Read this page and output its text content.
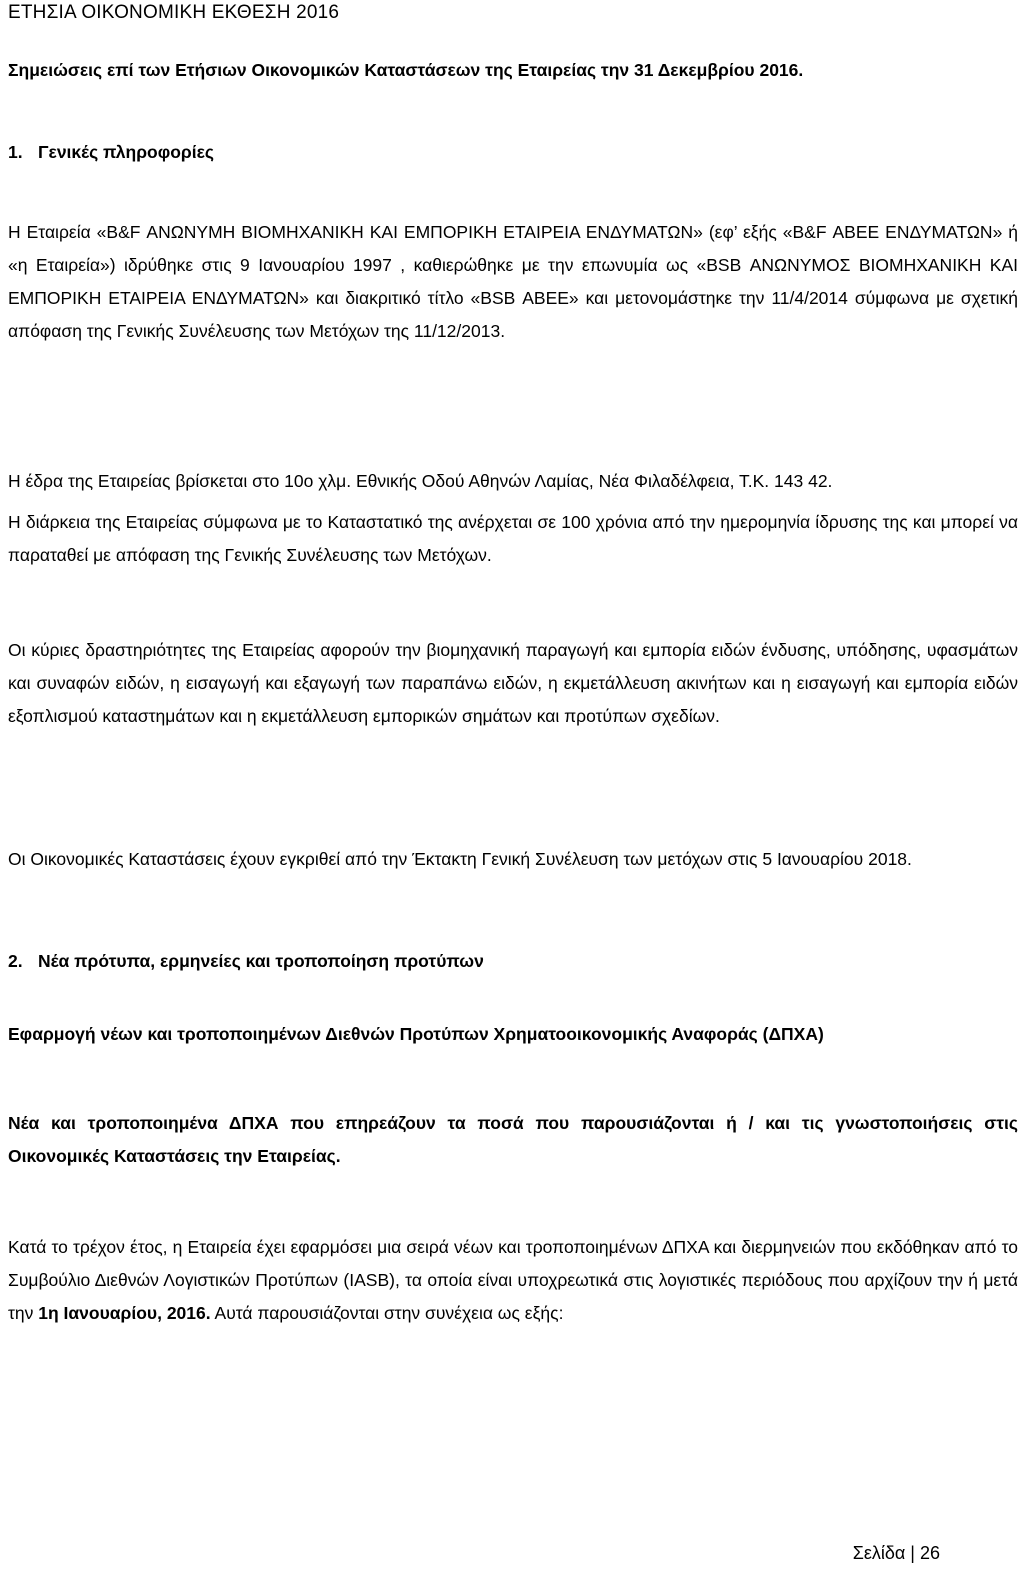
ΕΤΗΣΙΑ ΟΙΚΟΝΟΜΙΚΗ ΕΚΘΕΣΗ 2016
Σημειώσεις επί των Ετήσιων Οικονομικών Καταστάσεων της Εταιρείας την 31 Δεκεμβρίου 2016.
1. Γενικές πληροφορίες

Η Εταιρεία «B&F ΑΝΩΝΥΜΗ ΒΙΟΜΗΧΑΝΙΚΗ ΚΑΙ ΕΜΠΟΡΙΚΗ ΕΤΑΙΡΕΙΑ ΕΝΔΥΜΑΤΩΝ» (εφ’ εξής «B&F ΑΒΕΕ ΕΝΔΥΜΑΤΩΝ» ή «η Εταιρεία») ιδρύθηκε στις 9 Ιανουαρίου 1997 , καθιερώθηκε με την επωνυμία ως «BSB ΑΝΩΝΥΜΟΣ ΒΙΟΜΗΧΑΝΙΚΗ ΚΑΙ ΕΜΠΟΡΙΚΗ ΕΤΑΙΡΕΙΑ ΕΝΔΥΜΑΤΩΝ» και διακριτικό τίτλο «BSB ΑΒΕΕ» και μετονομάστηκε την 11/4/2014 σύμφωνα με σχετική απόφαση της Γενικής Συνέλευσης των Μετόχων της 11/12/2013.

Η έδρα της Εταιρείας βρίσκεται στο 10ο χλμ. Εθνικής Οδού Αθηνών Λαμίας, Νέα Φιλαδέλφεια, Τ.Κ. 143 42.

Η διάρκεια της Εταιρείας σύμφωνα με το Καταστατικό της ανέρχεται σε 100 χρόνια από την ημερομηνία ίδρυσης της και μπορεί να παραταθεί με απόφαση της Γενικής Συνέλευσης των Μετόχων.

Οι κύριες δραστηριότητες της Εταιρείας αφορούν την βιομηχανική παραγωγή και εμπορία ειδών ένδυσης, υπόδησης, υφασμάτων και συναφών ειδών, η εισαγωγή και εξαγωγή των παραπάνω ειδών, η εκμετάλλευση ακινήτων και η εισαγωγή και εμπορία ειδών εξοπλισμού καταστημάτων και η εκμετάλλευση εμπορικών σημάτων και προτύπων σχεδίων.

Οι Οικονομικές Καταστάσεις έχουν εγκριθεί από την Έκτακτη Γενική Συνέλευση των μετόχων στις 5 Ιανουαρίου 2018.

2. Νέα πρότυπα, ερμηνείες και τροποποίηση προτύπων

Εφαρμογή νέων και τροποποιημένων Διεθνών Προτύπων Χρηματοοικονομικής Αναφοράς (ΔΠΧΑ)

Νέα και τροποποιημένα ΔΠΧΑ που επηρεάζουν τα ποσά που παρουσιάζονται ή / και τις γνωστοποιήσεις στις Οικονομικές Καταστάσεις την Εταιρείας.

Κατά το τρέχον έτος, η Εταιρεία έχει εφαρμόσει μια σειρά νέων και τροποποιημένων ΔΠΧΑ και διερμηνειών που εκδόθηκαν από το Συμβούλιο Διεθνών Λογιστικών Προτύπων (IASB), τα οποία είναι υποχρεωτικά στις λογιστικές περιόδους που αρχίζουν την ή μετά την 1η Ιανουαρίου, 2016. Αυτά παρουσιάζονται στην συνέχεια ως εξής:

Σελίδα | 26
